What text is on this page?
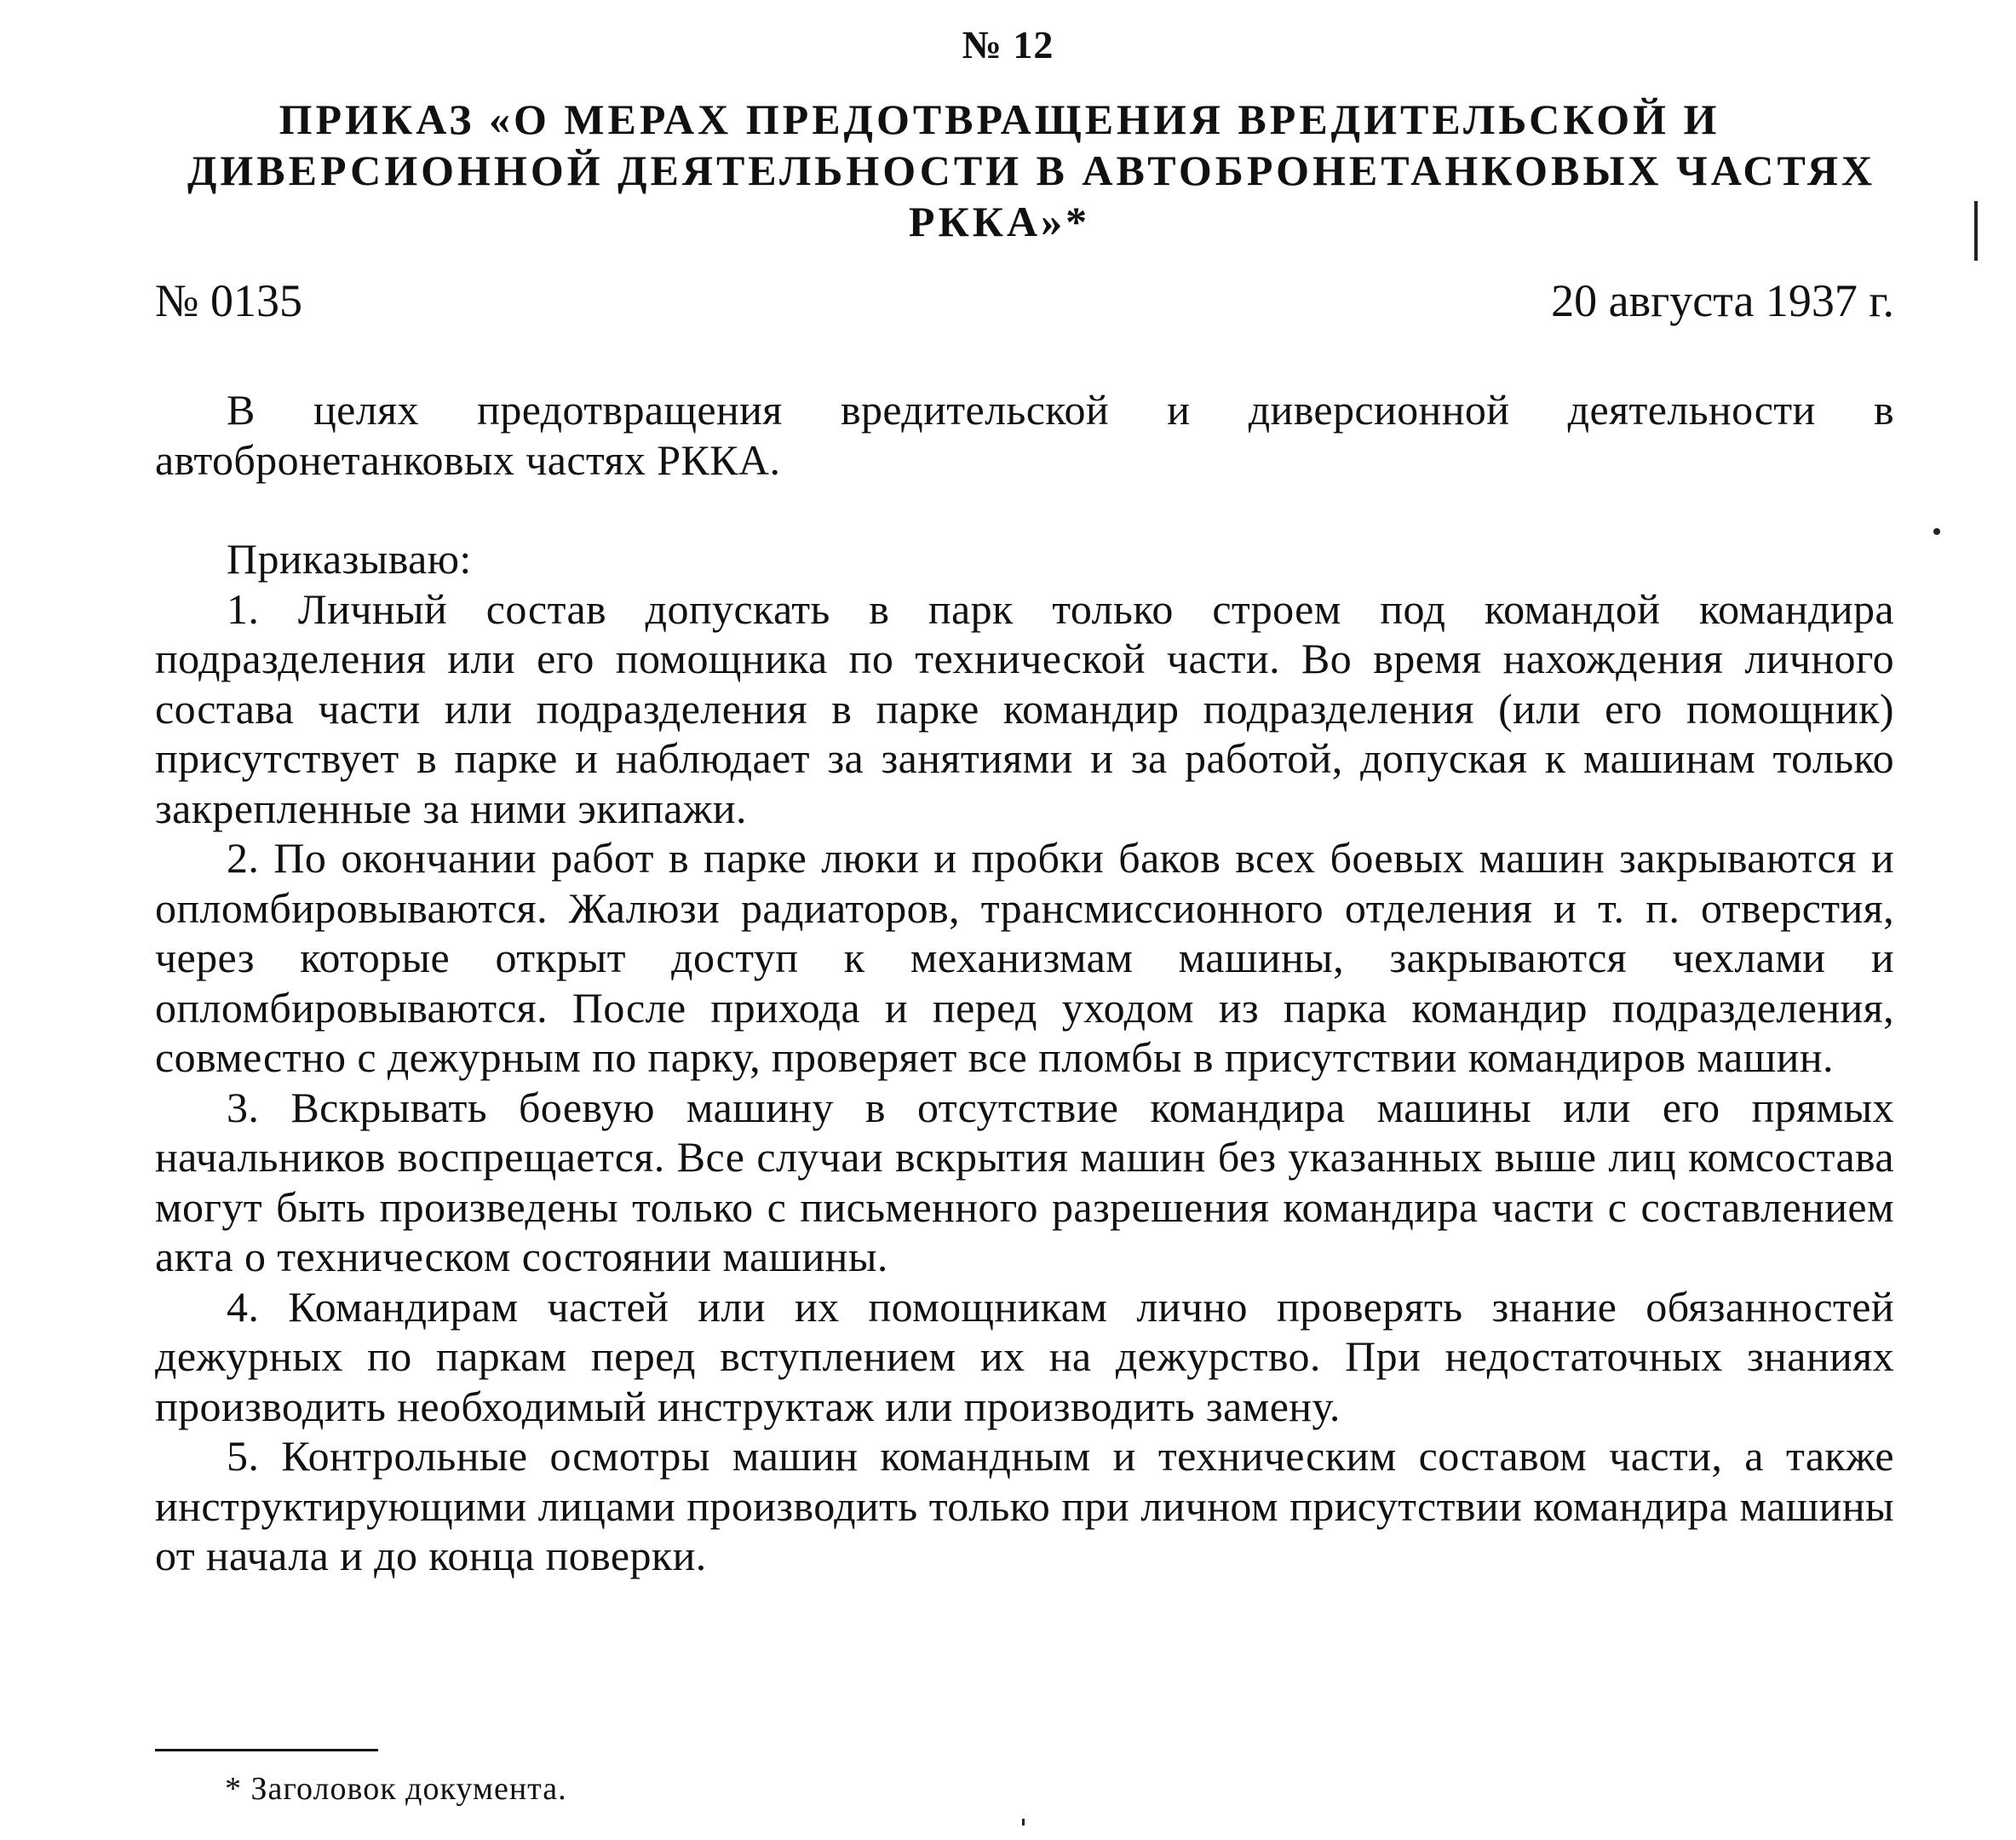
№ 12
ПРИКАЗ «О МЕРАХ ПРЕДОТВРАЩЕНИЯ ВРЕДИТЕЛЬСКОЙ И
ДИВЕРСИОННОЙ ДЕЯТЕЛЬНОСТИ В АВТОБРОНЕТАНКОВЫХ ЧАСТЯХ
РККА»*
№ 0135	20 августа 1937 г.

В целях предотвращения вредительской и диверсионной деятельности в автобронетанковых частях РККА.

Приказываю:

1. Личный состав допускать в парк только строем под командой командира подразделения или его помощника по технической части. Во время нахождения личного состава части или подразделения в парке командир подразделения (или его помощник) присутствует в парке и наблюдает за занятиями и за работой, допуская к машинам только закрепленные за ними экипажи.

2. По окончании работ в парке люки и пробки баков всех боевых машин закрываются и опломбировываются. Жалюзи радиаторов, трансмиссионного отделения и т. п. отверстия, через которые открыт доступ к механизмам машины, закрываются чехлами и опломбировываются. После прихода и перед уходом из парка командир подразделения, совместно с дежурным по парку, проверяет все пломбы в присутствии командиров машин.

3. Вскрывать боевую машину в отсутствие командира машины или его прямых начальников воспрещается. Все случаи вскрытия машин без указанных выше лиц комсостава могут быть произведены только с письменного разрешения командира части с составлением акта о техническом состоянии машины.

4. Командирам частей или их помощникам лично проверять знание обязанностей дежурных по паркам перед вступлением их на дежурство. При недостаточных знаниях производить необходимый инструктаж или производить замену.

5. Контрольные осмотры машин командным и техническим составом части, а также инструктирующими лицами производить только при личном присутствии командира машины от начала и до конца поверки.

* Заголовок документа.
